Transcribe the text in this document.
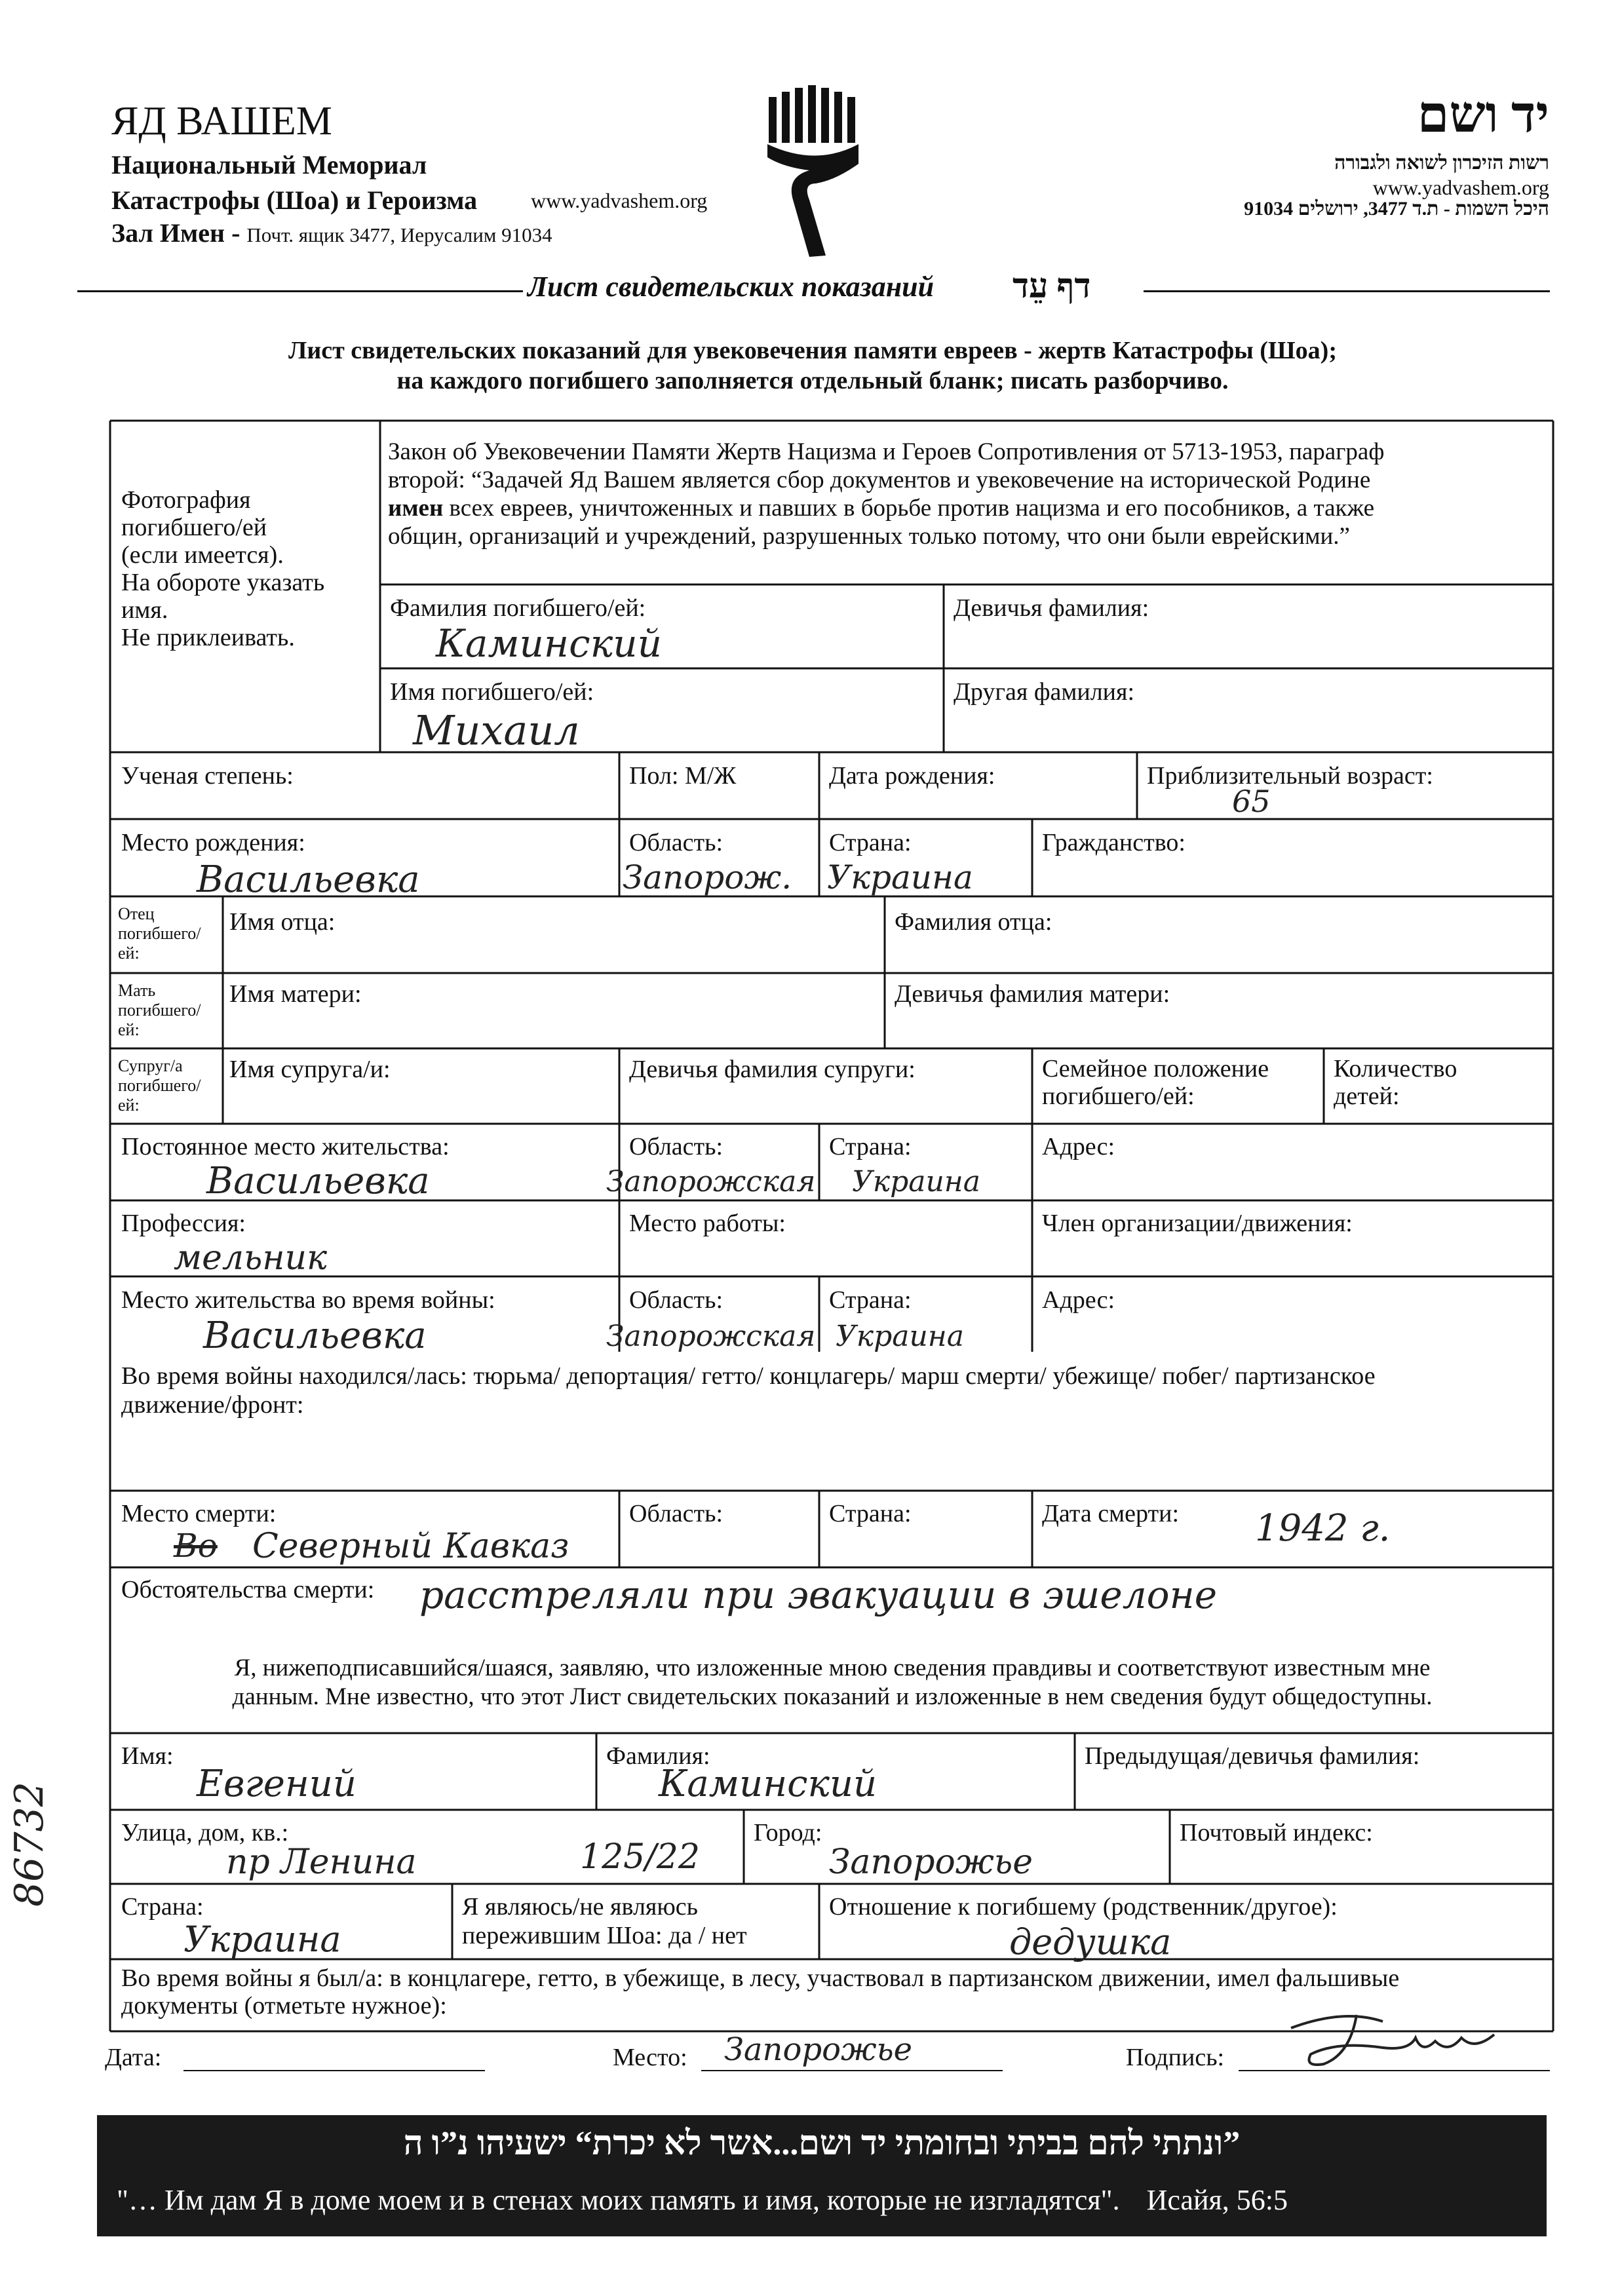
ЯД ВАШЕМ
Национальный Мемориал
Катастрофы (Шоа) и Героизма	www.yadvashem.org
Зал Имен - Почт. ящик 3477, Иерусалим 91034
יד ושם
רשות הזיכרון לשואה ולגבורה
www.yadvashem.org
היכל השמות - ת.ד 3477, ירושלים 91034
Лист свидетельских показаний דף עֵד
Лист свидетельских показаний для увековечения памяти евреев - жертв Катастрофы (Шоа);
на каждого погибшего заполняется отдельный бланк; писать разборчиво.
Фотография
погибшего/ей
(если имеется).
На обороте указать
имя.
Не приклеивать.
Закон об Увековечении Памяти Жертв Нацизма и Героев Сопротивления от 5713-1953, параграф
второй: “Задачей Яд Вашем является сбор документов и увековечение на исторической Родине
имен всех евреев, уничтоженных и павших в борьбе против нацизма и его пособников, а также
общин, организаций и учреждений, разрушенных только потому, что они были еврейскими.”
Фамилия погибшего/ей:
Каминский
Девичья фамилия:
Имя погибшего/ей:
Михаил
Другая фамилия:
Ученая степень:	Пол: М/Ж	Дата рождения:	Приблизительный возраст:
65
Место рождения:
Васильевка
Область:
Запорож.
Страна:
Украина
Гражданство:
Отец погибшего/ ей:
Имя отца:	Фамилия отца:
Мать погибшего/ ей:
Имя матери:	Девичья фамилия матери:
Супруг/а погибшего/ ей:
Имя супруга/и:	Девичья фамилия супруги:	Семейное положение
погибшего/ей:
Количество
детей:
Постоянное место жительства:
Васильевка
Область:
Запорожская
Страна:
Украина
Адрес:
Профессия:
мельник
Место работы:	Член организации/движения:
Место жительства во время войны:
Васильевка
Область:
Запорожская
Страна:
Украина
Адрес:
Во время войны находился/лась: тюрьма/ депортация/ гетто/ концлагерь/ марш смерти/ убежище/ побег/ партизанское
движение/фронт:
Место смерти:
Во Северный Кавказ
Область:	Страна:	Дата смерти: 1942 г.
Обстоятельства смерти: расстреляли при эвакуации в эшелоне
Я, нижеподписавшийся/шаяся, заявляю, что изложенные мною сведения правдивы и соответствуют известным мне
данным. Мне известно, что этот Лист свидетельских показаний и изложенные в нем сведения будут общедоступны.
Имя:
Евгений
Фамилия:
Каминский
Предыдущая/девичья фамилия:
Улица, дом, кв.:
пр Ленина	125/22
Город:
Запорожье
Почтовый индекс:
Страна:
Украина
Я являюсь/не являюсь
пережившим Шоа: да / нет
Отношение к погибшему (родственник/другое):
дедушка
Во время войны я был/а: в концлагере, гетто, в убежище, в лесу, участвовал в партизанском движении, имел фальшивые
документы (отметьте нужное):
Дата:	Место: Запорожье	Подпись:
”ונתתי להם בביתי ובחומתי יד ושם...אשר לא יכרת“ ישעיהו נ”ו ה
"… Им дам Я в доме моем и в стенах моих память и имя, которые не изгладятся". Исайя, 56:5
86732
